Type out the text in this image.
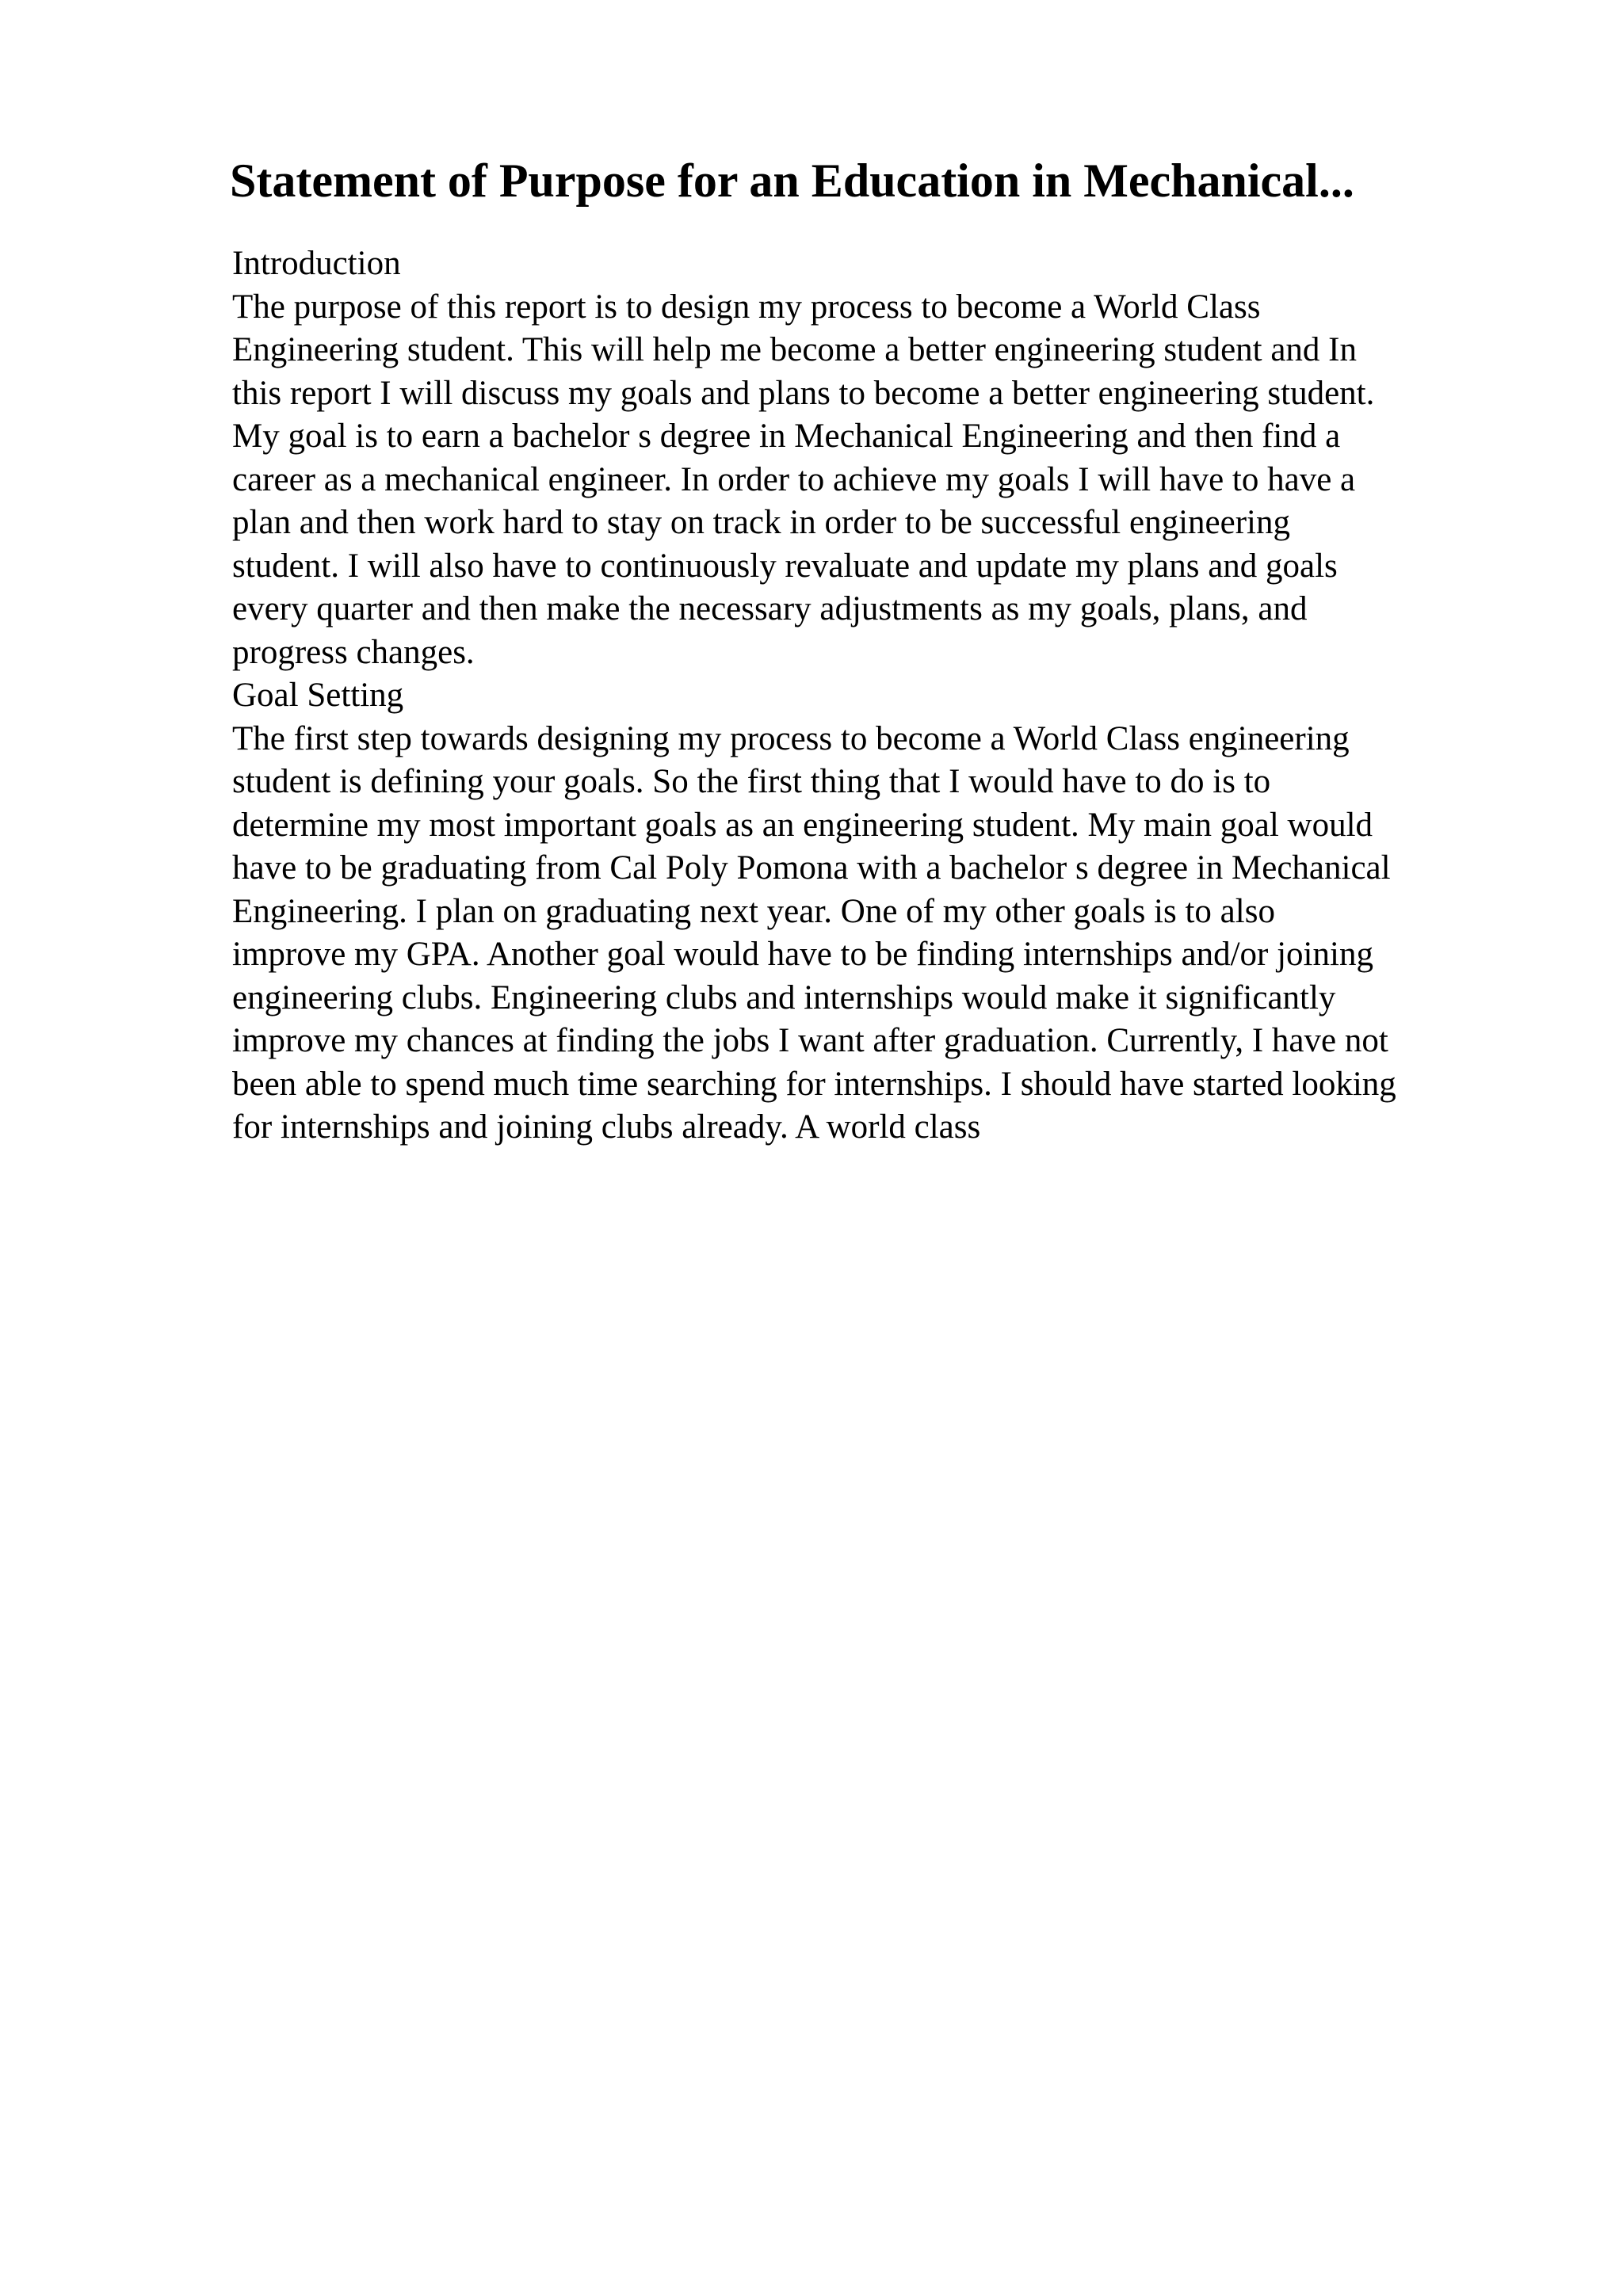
Statement of Purpose for an Education in Mechanical...
Introduction
The purpose of this report is to design my process to become a World Class
Engineering student. This will help me become a better engineering student and In
this report I will discuss my goals and plans to become a better engineering student.
My goal is to earn a bachelor s degree in Mechanical Engineering and then find a
career as a mechanical engineer. In order to achieve my goals I will have to have a
plan and then work hard to stay on track in order to be successful engineering
student. I will also have to continuously revaluate and update my plans and goals
every quarter and then make the necessary adjustments as my goals, plans, and
progress changes.
Goal Setting
The first step towards designing my process to become a World Class engineering
student is defining your goals. So the first thing that I would have to do is to
determine my most important goals as an engineering student. My main goal would
have to be graduating from Cal Poly Pomona with a bachelor s degree in Mechanical
Engineering. I plan on graduating next year. One of my other goals is to also
improve my GPA. Another goal would have to be finding internships and/or joining
engineering clubs. Engineering clubs and internships would make it significantly
improve my chances at finding the jobs I want after graduation. Currently, I have not
been able to spend much time searching for internships. I should have started looking
for internships and joining clubs already. A world class
